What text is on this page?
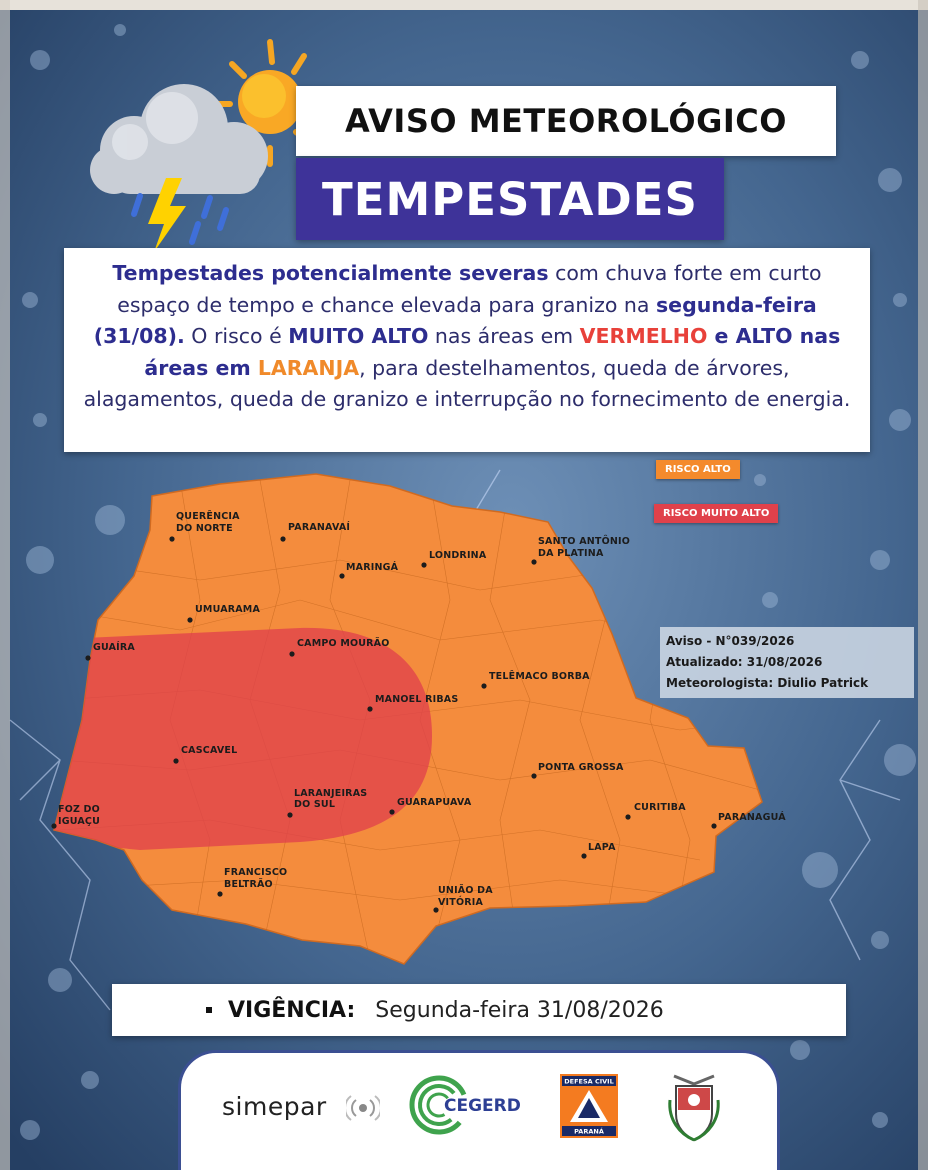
AVISO METEOROLÓGICO
TEMPESTADES

Tempestades potencialmente severas com chuva forte em curto espaço de tempo e chance elevada para granizo na segunda-feira (31/08). O risco é MUITO ALTO nas áreas em VERMELHO e ALTO nas áreas em LARANJA, para destelhamentos, queda de árvores, alagamentos, queda de granizo e interrupção no fornecimento de energia.

QUERÊNCIA
DO NORTE	PARANAVAÍ
MARINGÁ
LONDRINA
SANTO ANTÔNIO
DA PLATINA
UMUARAMA
GUAÍRA	CAMPO MOURÃO
TELÊMACO BORBA
MANOEL RIBAS
CASCAVEL
PONTA GROSSA
LARANJEIRAS
DO SUL
FOZ DO
IGUAÇU
GUARAPUAVA	CURITIBA
PARANAGUÁ
LAPA
FRANCISCO
BELTRÃO
UNIÃO DA
VITÓRIA
RISCO ALTO
RISCO MUITO ALTO
Aviso - N°039/2026
Atualizado: 31/08/2026
Meteorologista: Diulio Patrick
VIGÊNCIA: Segunda-feira 31/08/2026
simepar	CEGERD
DEFESA CIVIL
PARANÁ
